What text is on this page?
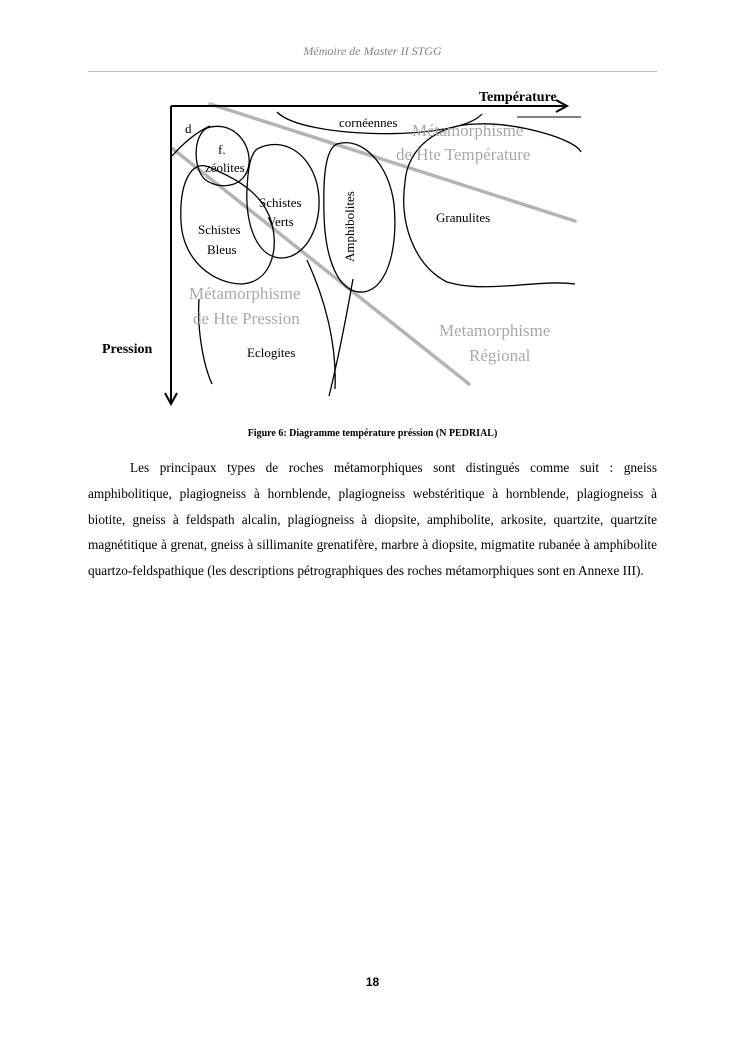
Mémoire de Master II STGG
Métamorphisme
de Hte Température
Métamorphisme
de Hte Pression
Metamorphisme
Régional
d	cornéennes
f.
zéolites
Schistes
Verts
Schistes
Bleus
Granulites
Eclogites
Amphibolites
Température
Pression
Figure 6: Diagramme température préssion (N PEDRIAL)

Les principaux types de roches métamorphiques sont distingués comme suit : gneiss amphibolitique, plagiogneiss à hornblende, plagiogneiss webstéritique à hornblende, plagiogneiss à biotite, gneiss à feldspath alcalin, plagiogneiss à diopsite, amphibolite, arkosite, quartzite, quartzite magnétitique à grenat, gneiss à sillimanite grenatifère, marbre à diopsite, migmatite rubanée à amphibolite quartzo-feldspathique (les descriptions pétrographiques des roches métamorphiques sont en Annexe III).

18
